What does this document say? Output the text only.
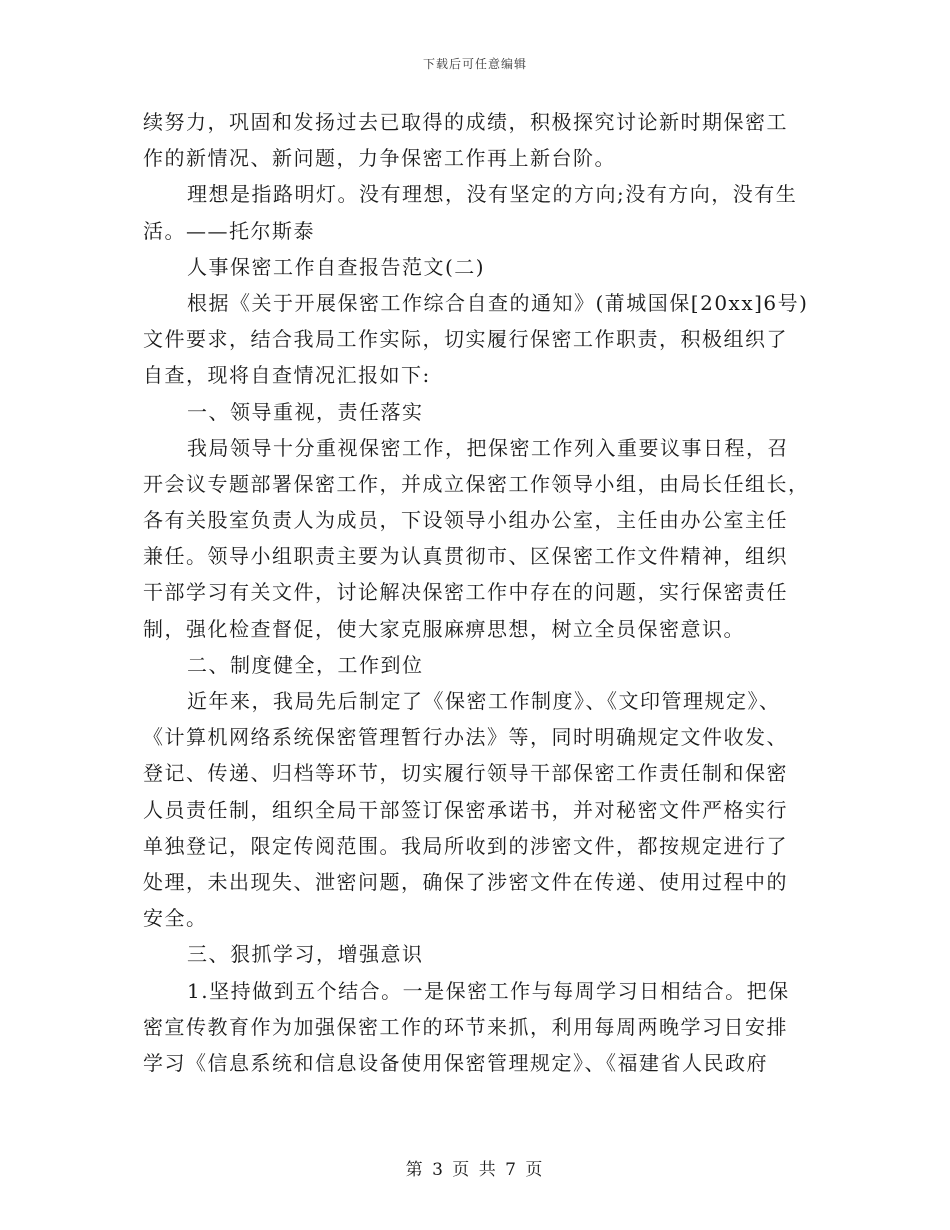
下载后可任意编辑
续努力，巩固和发扬过去已取得的成绩，积极探究讨论新时期保密工
作的新情况、新问题，力争保密工作再上新台阶。
理想是指路明灯。没有理想，没有坚定的方向;没有方向，没有生
活。——托尔斯泰
人事保密工作自查报告范文(二)
根据《关于开展保密工作综合自查的通知》(莆城国保[20xx]6号)
文件要求，结合我局工作实际，切实履行保密工作职责，积极组织了
自查，现将自查情况汇报如下:
一、领导重视，责任落实
我局领导十分重视保密工作，把保密工作列入重要议事日程，召
开会议专题部署保密工作，并成立保密工作领导小组，由局长任组长，
各有关股室负责人为成员，下设领导小组办公室，主任由办公室主任
兼任。领导小组职责主要为认真贯彻市、区保密工作文件精神，组织
干部学习有关文件，讨论解决保密工作中存在的问题，实行保密责任
制，强化检查督促，使大家克服麻痹思想，树立全员保密意识。
二、制度健全，工作到位
近年来，我局先后制定了《保密工作制度》、《文印管理规定》、
《计算机网络系统保密管理暂行办法》等，同时明确规定文件收发、
登记、传递、归档等环节，切实履行领导干部保密工作责任制和保密
人员责任制，组织全局干部签订保密承诺书，并对秘密文件严格实行
单独登记，限定传阅范围。我局所收到的涉密文件，都按规定进行了
处理，未出现失、泄密问题，确保了涉密文件在传递、使用过程中的
安全。
三、狠抓学习，增强意识
1.坚持做到五个结合。一是保密工作与每周学习日相结合。把保
密宣传教育作为加强保密工作的环节来抓，利用每周两晚学习日安排
学习《信息系统和信息设备使用保密管理规定》、《福建省人民政府
第 3 页 共 7 页
